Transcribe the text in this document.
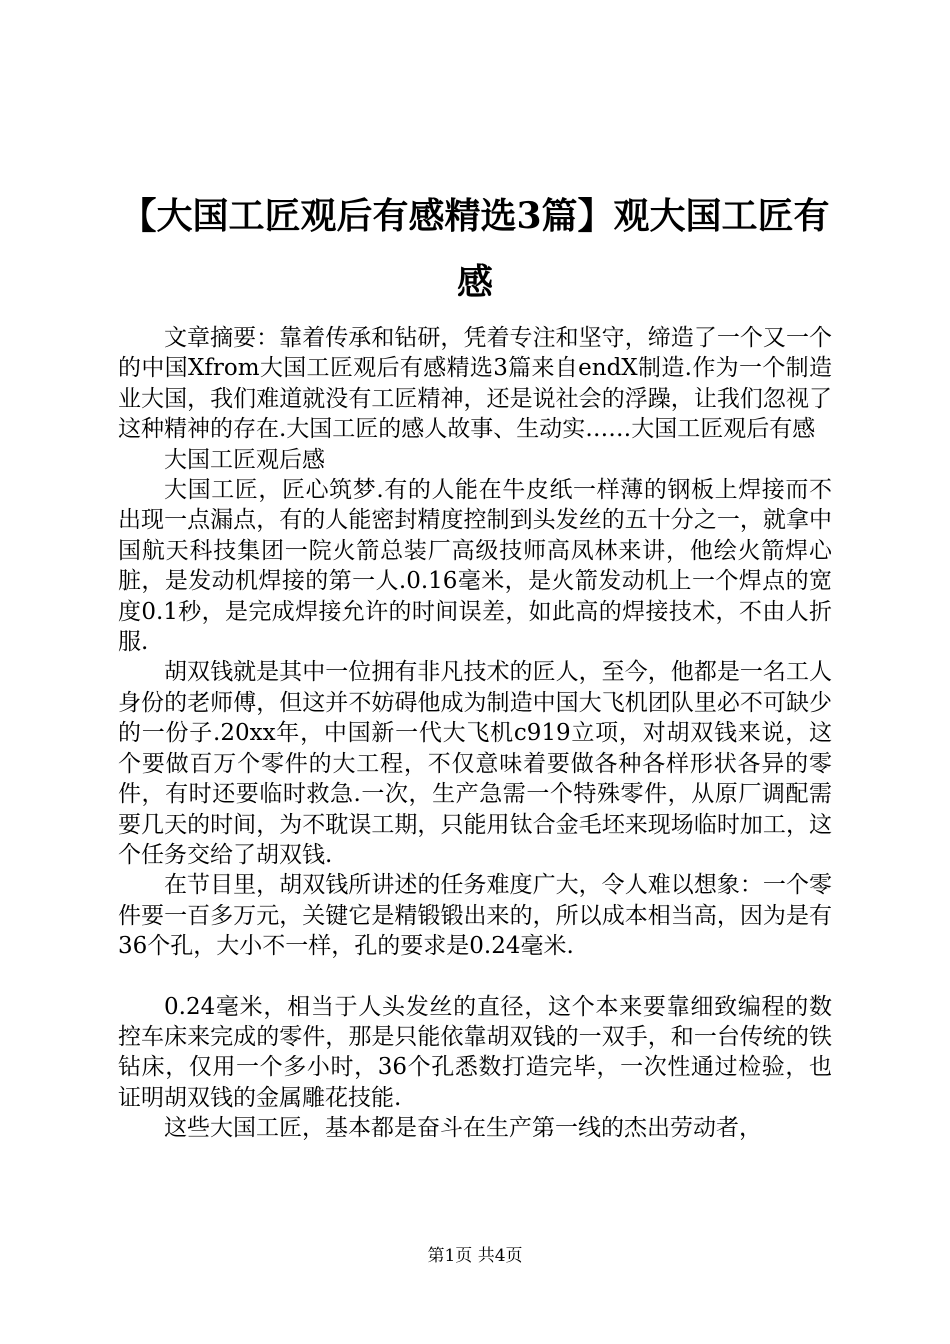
【大国工匠观后有感精选3篇】观大国工匠有感

文章摘要：靠着传承和钻研，凭着专注和坚守，缔造了一个又一个的中国Xfrom大国工匠观后有感精选3篇来自endX制造.作为一个制造业大国，我们难道就没有工匠精神，还是说社会的浮躁，让我们忽视了这种精神的存在.大国工匠的感人故事、生动实……大国工匠观后有感

大国工匠观后感

大国工匠，匠心筑梦.有的人能在牛皮纸一样薄的钢板上焊接而不出现一点漏点，有的人能密封精度控制到头发丝的五十分之一，就拿中国航天科技集团一院火箭总装厂高级技师高凤林来讲，他绘火箭焊心脏，是发动机焊接的第一人.0.16毫米，是火箭发动机上一个焊点的宽度0.1秒，是完成焊接允许的时间误差，如此高的焊接技术，不由人折服.

胡双钱就是其中一位拥有非凡技术的匠人，至今，他都是一名工人身份的老师傅，但这并不妨碍他成为制造中国大飞机团队里必不可缺少的一份子.20xx年，中国新一代大飞机c919立项，对胡双钱来说，这个要做百万个零件的大工程，不仅意味着要做各种各样形状各异的零件，有时还要临时救急.一次，生产急需一个特殊零件，从原厂调配需要几天的时间，为不耽误工期，只能用钛合金毛坯来现场临时加工，这个任务交给了胡双钱.

在节目里，胡双钱所讲述的任务难度广大，令人难以想象：一个零件要一百多万元，关键它是精锻锻出来的，所以成本相当高，因为是有36个孔，大小不一样，孔的要求是0.24毫米.

0.24毫米，相当于人头发丝的直径，这个本来要靠细致编程的数控车床来完成的零件，那是只能依靠胡双钱的一双手，和一台传统的铁钻床，仅用一个多小时，36个孔悉数打造完毕，一次性通过检验，也证明胡双钱的金属雕花技能.

这些大国工匠，基本都是奋斗在生产第一线的杰出劳动者，

第1页 共4页
